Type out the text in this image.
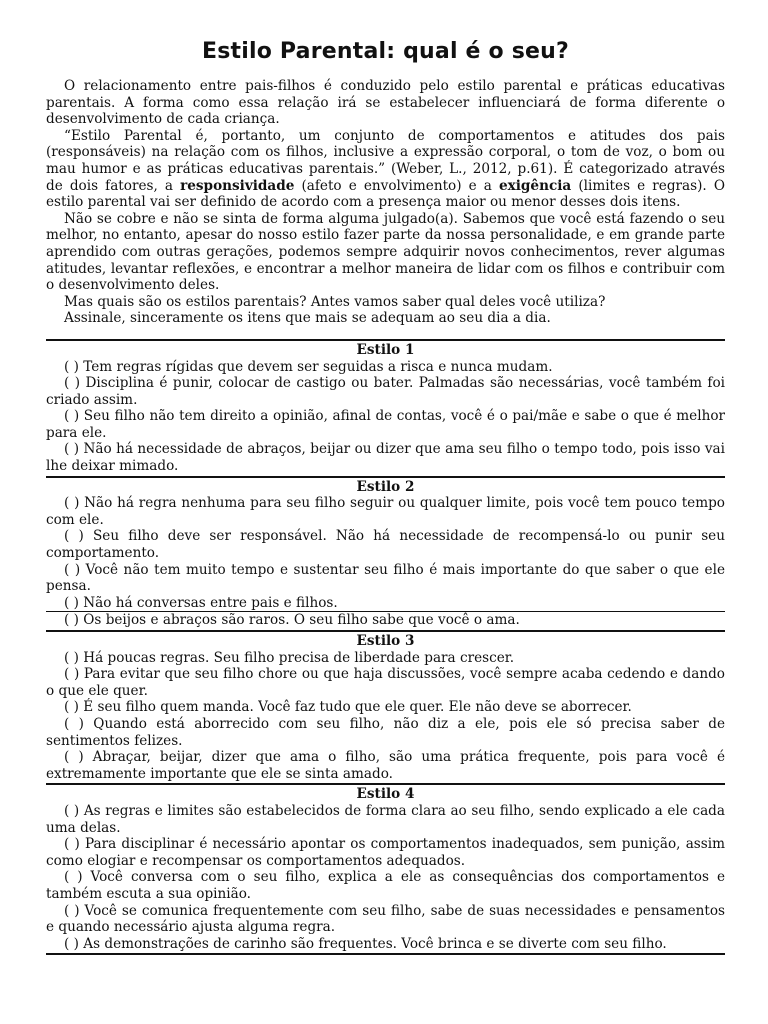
Estilo Parental: qual é o seu?

O relacionamento entre pais-filhos é conduzido pelo estilo parental e práticas educativas parentais. A forma como essa relação irá se estabelecer influenciará de forma diferente o desenvolvimento de cada criança.

“Estilo Parental é, portanto, um conjunto de comportamentos e atitudes dos pais (responsáveis) na relação com os filhos, inclusive a expressão corporal, o tom de voz, o bom ou mau humor e as práticas educativas parentais.” (Weber, L., 2012, p.61). É categorizado através de dois fatores, a responsividade (afeto e envolvimento) e a exigência (limites e regras). O estilo parental vai ser definido de acordo com a presença maior ou menor desses dois itens.

Não se cobre e não se sinta de forma alguma julgado(a). Sabemos que você está fazendo o seu melhor, no entanto, apesar do nosso estilo fazer parte da nossa personalidade, e em grande parte aprendido com outras gerações, podemos sempre adquirir novos conhecimentos, rever algumas atitudes, levantar reflexões, e encontrar a melhor maneira de lidar com os filhos e contribuir com o desenvolvimento deles.

Mas quais são os estilos parentais? Antes vamos saber qual deles você utiliza?

Assinale, sinceramente os itens que mais se adequam ao seu dia a dia.

Estilo 1

( ) Tem regras rígidas que devem ser seguidas a risca e nunca mudam.

( ) Disciplina é punir, colocar de castigo ou bater. Palmadas são necessárias, você também foi criado assim.

( ) Seu filho não tem direito a opinião, afinal de contas, você é o pai/mãe e sabe o que é melhor para ele.

( ) Não há necessidade de abraços, beijar ou dizer que ama seu filho o tempo todo, pois isso vai lhe deixar mimado.

Estilo 2

( ) Não há regra nenhuma para seu filho seguir ou qualquer limite, pois você tem pouco tempo com ele.

( ) Seu filho deve ser responsável. Não há necessidade de recompensá-lo ou punir seu comportamento.

( ) Você não tem muito tempo e sustentar seu filho é mais importante do que saber o que ele pensa.

( ) Não há conversas entre pais e filhos.

( ) Os beijos e abraços são raros. O seu filho sabe que você o ama.

Estilo 3

( ) Há poucas regras. Seu filho precisa de liberdade para crescer.

( ) Para evitar que seu filho chore ou que haja discussões, você sempre acaba cedendo e dando o que ele quer.

( ) É seu filho quem manda. Você faz tudo que ele quer. Ele não deve se aborrecer.

( ) Quando está aborrecido com seu filho, não diz a ele, pois ele só precisa saber de sentimentos felizes.

( ) Abraçar, beijar, dizer que ama o filho, são uma prática frequente, pois para você é extremamente importante que ele se sinta amado.

Estilo 4

( ) As regras e limites são estabelecidos de forma clara ao seu filho, sendo explicado a ele cada uma delas.

( ) Para disciplinar é necessário apontar os comportamentos inadequados, sem punição, assim como elogiar e recompensar os comportamentos adequados.

( ) Você conversa com o seu filho, explica a ele as consequências dos comportamentos e também escuta a sua opinião.

( ) Você se comunica frequentemente com seu filho, sabe de suas necessidades e pensamentos e quando necessário ajusta alguma regra.

( ) As demonstrações de carinho são frequentes. Você brinca e se diverte com seu filho.
